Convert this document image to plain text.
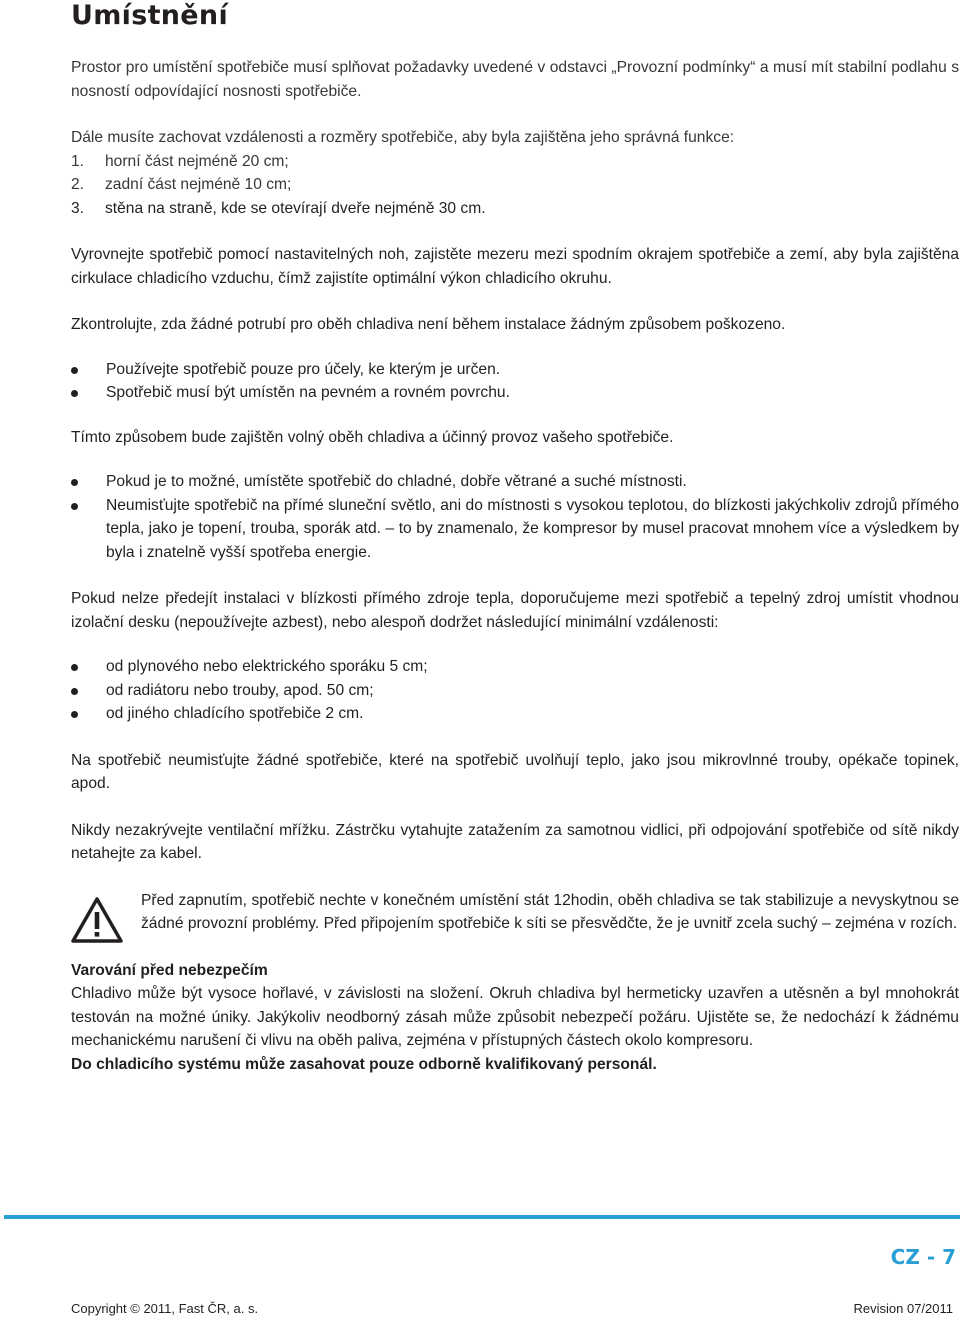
Umístnění

Prostor pro umístění spotřebiče musí splňovat požadavky uvedené v odstavci „Provozní podmínky“ a musí mít stabilní podlahu s nosností odpovídající nosnosti spotřebiče.

Dále musíte zachovat vzdálenosti a rozměry spotřebiče, aby byla zajištěna jeho správná funkce:

1. horní část nejméně 20 cm;
2. zadní část nejméně 10 cm;
3. stěna na straně, kde se otevírají dveře nejméně 30 cm.

Vyrovnejte spotřebič pomocí nastavitelných noh, zajistěte mezeru mezi spodním okrajem spotřebiče a zemí, aby byla zajištěna cirkulace chladicího vzduchu, čímž zajistíte optimální výkon chladicího okruhu.

Zkontrolujte, zda žádné potrubí pro oběh chladiva není během instalace žádným způsobem poškozeno.

Používejte spotřebič pouze pro účely, ke kterým je určen.
Spotřebič musí být umístěn na pevném a rovném povrchu.

Tímto způsobem bude zajištěn volný oběh chladiva a účinný provoz vašeho spotřebiče.

Pokud je to možné, umístěte spotřebič do chladné, dobře větrané a suché místnosti.
Neumisťujte spotřebič na přímé sluneční světlo, ani do místnosti s vysokou teplotou, do blízkosti jakýchkoliv zdrojů přímého tepla, jako je topení, trouba, sporák atd. – to by znamenalo, že kompresor by musel pracovat mnohem více a výsledkem by byla i znatelně vyšší spotřeba energie.

Pokud nelze předejít instalaci v blízkosti přímého zdroje tepla, doporučujeme mezi spotřebič a tepelný zdroj umístit vhodnou izolační desku (nepoužívejte azbest), nebo alespoň dodržet následující minimální vzdálenosti:

od plynového nebo elektrického sporáku 5 cm;
od radiátoru nebo trouby, apod. 50 cm;
od jiného chladícího spotřebiče 2 cm.

Na spotřebič neumisťujte žádné spotřebiče, které na spotřebič uvolňují teplo, jako jsou mikrovlnné trouby, opékače topinek, apod.

Nikdy nezakrývejte ventilační mřížku. Zástrčku vytahujte zatažením za samotnou vidlici, při odpojování spotřebiče od sítě nikdy netahejte za kabel.

Před zapnutím, spotřebič nechte v konečném umístění stát 12hodin, oběh chladiva se tak stabilizuje a nevyskytnou se žádné provozní problémy. Před připojením spotřebiče k síti se přesvědčte, že je uvnitř zcela suchý – zejména v rozích.

Varování před nebezpečím

Chladivo může být vysoce hořlavé, v závislosti na složení. Okruh chladiva byl hermeticky uzavřen a utěsněn a byl mnohokrát testován na možné úniky. Jakýkoliv neodborný zásah může způsobit nebezpečí požáru. Ujistěte se, že nedochází k žádnému mechanickému narušení či vlivu na oběh paliva, zejména v přístupných částech okolo kompresoru.

Do chladicího systému může zasahovat pouze odborně kvalifikovaný personál.

CZ - 7
Copyright © 2011, Fast ČR, a. s.	Revision 07/2011
